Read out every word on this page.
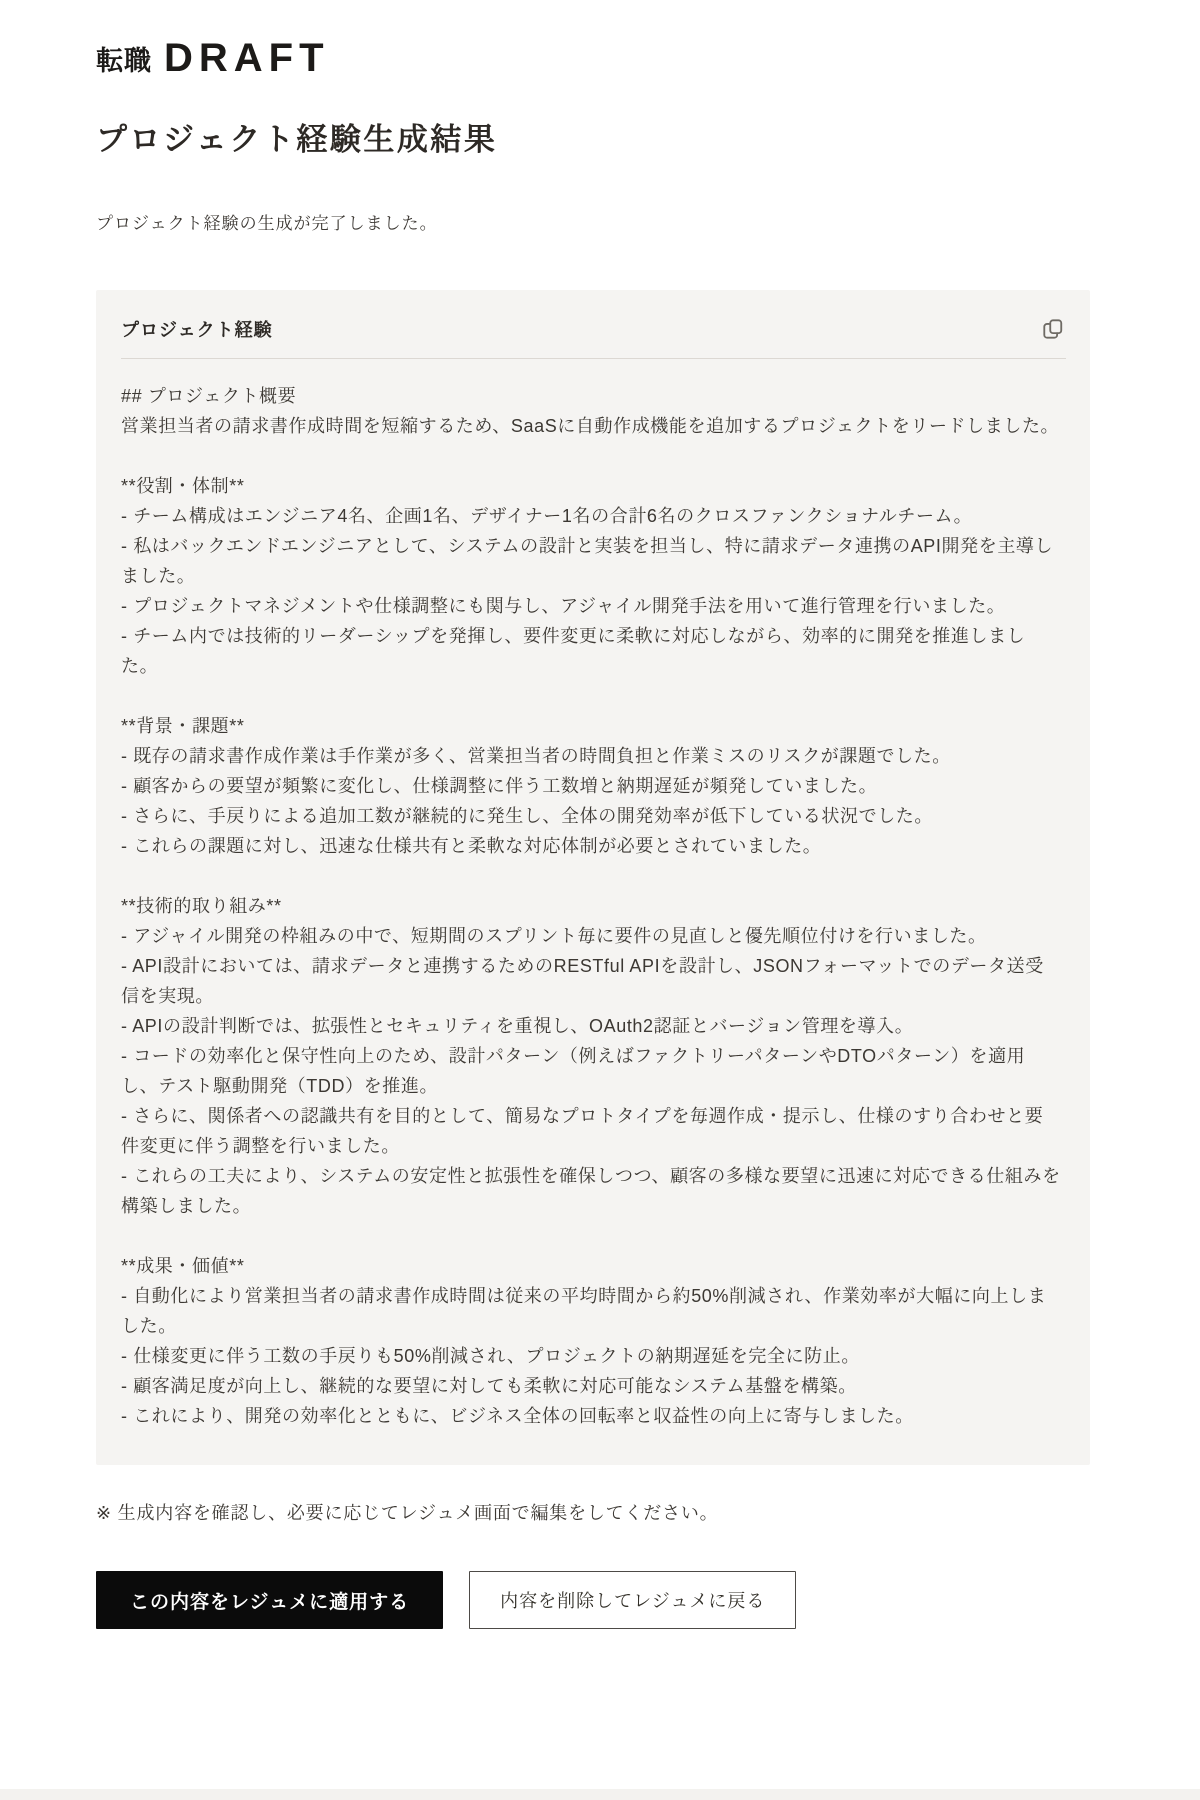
転職 DRAFT
プロジェクト経験生成結果

プロジェクト経験の生成が完了しました。

プロジェクト経験
## プロジェクト概要
営業担当者の請求書作成時間を短縮するため、SaaSに自動作成機能を追加するプロジェクトをリードしました。
**役割・体制**
- チーム構成はエンジニア4名、企画1名、デザイナー1名の合計6名のクロスファンクショナルチーム。
- 私はバックエンドエンジニアとして、システムの設計と実装を担当し、特に請求データ連携のAPI開発を主導しました。
- プロジェクトマネジメントや仕様調整にも関与し、アジャイル開発手法を用いて進行管理を行いました。
- チーム内では技術的リーダーシップを発揮し、要件変更に柔軟に対応しながら、効率的に開発を推進しました。
**背景・課題**
- 既存の請求書作成作業は手作業が多く、営業担当者の時間負担と作業ミスのリスクが課題でした。
- 顧客からの要望が頻繁に変化し、仕様調整に伴う工数増と納期遅延が頻発していました。
- さらに、手戻りによる追加工数が継続的に発生し、全体の開発効率が低下している状況でした。
- これらの課題に対し、迅速な仕様共有と柔軟な対応体制が必要とされていました。
**技術的取り組み**
- アジャイル開発の枠組みの中で、短期間のスプリント毎に要件の見直しと優先順位付けを行いました。
- API設計においては、請求データと連携するためのRESTful APIを設計し、JSONフォーマットでのデータ送受信を実現。
- APIの設計判断では、拡張性とセキュリティを重視し、OAuth2認証とバージョン管理を導入。
- コードの効率化と保守性向上のため、設計パターン（例えばファクトリーパターンやDTOパターン）を適用し、テスト駆動開発（TDD）を推進。
- さらに、関係者への認識共有を目的として、簡易なプロトタイプを毎週作成・提示し、仕様のすり合わせと要件変更に伴う調整を行いました。
- これらの工夫により、システムの安定性と拡張性を確保しつつ、顧客の多様な要望に迅速に対応できる仕組みを構築しました。
**成果・価値**
- 自動化により営業担当者の請求書作成時間は従来の平均時間から約50%削減され、作業効率が大幅に向上しました。
- 仕様変更に伴う工数の手戻りも50%削減され、プロジェクトの納期遅延を完全に防止。
- 顧客満足度が向上し、継続的な要望に対しても柔軟に対応可能なシステム基盤を構築。
- これにより、開発の効率化とともに、ビジネス全体の回転率と収益性の向上に寄与しました。

※ 生成内容を確認し、必要に応じてレジュメ画面で編集をしてください。

この内容をレジュメに適用する	内容を削除してレジュメに戻る
